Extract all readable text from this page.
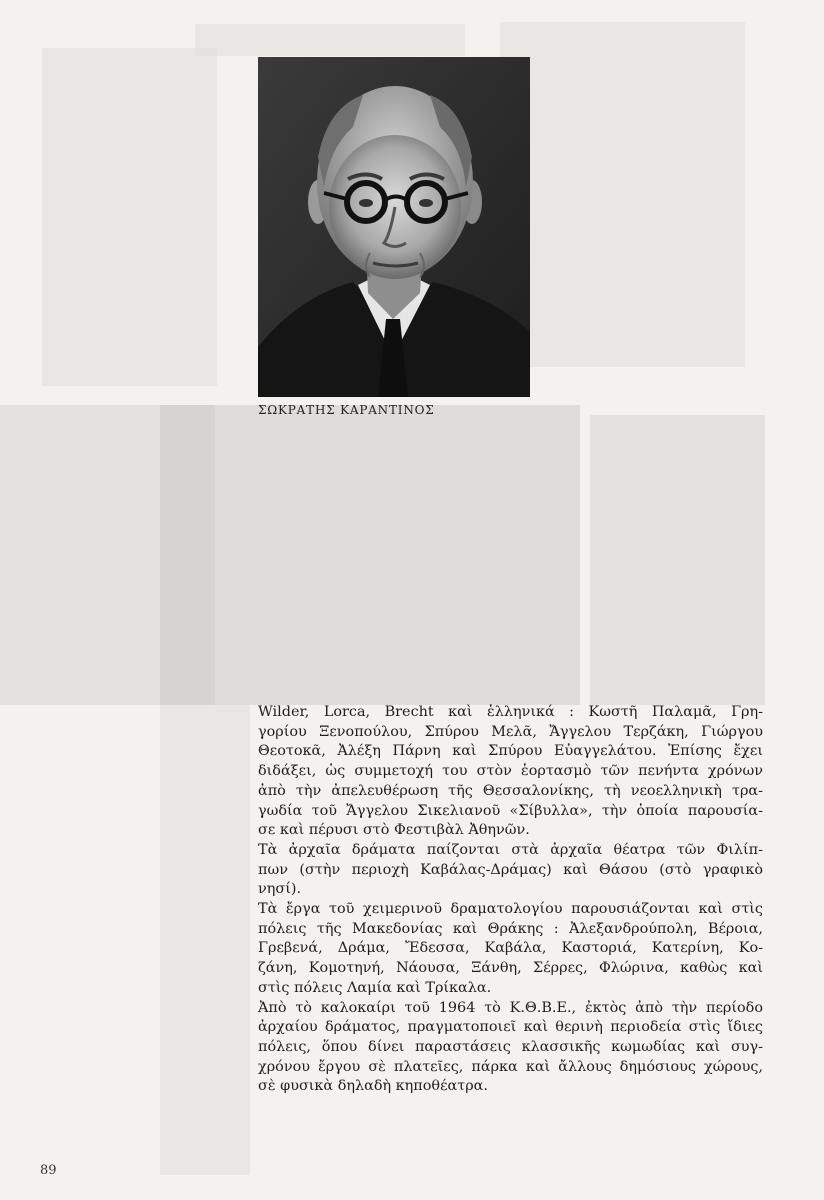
ΣΩΚΡΑΤΗΣ ΚΑΡΑΝΤΙΝΟΣ
Wilder, Lorca, Brecht καὶ ἑλληνικά : Κωστῆ Παλαμᾶ, Γρη-
γορίου Ξενοπούλου, Σπύρου Μελᾶ, Ἄγγελου Τερζάκη, Γιώργου
Θεοτοκᾶ, Ἀλέξη Πάρνη καὶ Σπύρου Εὐαγγελάτου. Ἐπίσης ἔχει
διδάξει, ὡς συμμετοχή του στὸν ἑορτασμὸ τῶν πενήντα χρόνων
ἀπὸ τὴν ἀπελευθέρωση τῆς Θεσσαλονίκης, τὴ νεοελληνικὴ τρα-
γωδία τοῦ Ἄγγελου Σικελιανοῦ «Σίβυλλα», τὴν ὁποία παρουσία-
σε καὶ πέρυσι στὸ Φεστιβὰλ Ἀθηνῶν.
Τὰ ἀρχαῖα δράματα παίζονται στὰ ἀρχαῖα θέατρα τῶν Φιλίπ-
πων (στὴν περιοχὴ Καβάλας-Δράμας) καὶ Θάσου (στὸ γραφικὸ
νησί).
Τὰ ἔργα τοῦ χειμερινοῦ δραματολογίου παρουσιάζονται καὶ στὶς
πόλεις τῆς Μακεδονίας καὶ Θράκης : Ἀλεξανδρούπολη, Βέροια,
Γρεβενά, Δράμα, Ἔδεσσα, Καβάλα, Καστοριά, Κατερίνη, Κο-
ζάνη, Κομοτηνή, Νάουσα, Ξάνθη, Σέρρες, Φλώρινα, καθὼς καὶ
στὶς πόλεις Λαμία καὶ Τρίκαλα.
Ἀπὸ τὸ καλοκαίρι τοῦ 1964 τὸ Κ.Θ.Β.Ε., ἐκτὸς ἀπὸ τὴν περίοδο
ἀρχαίου δράματος, πραγματοποιεῖ καὶ θερινὴ περιοδεία στὶς ἴδιες
πόλεις, ὅπου δίνει παραστάσεις κλασσικῆς κωμωδίας καὶ συγ-
χρόνου ἔργου σὲ πλατεῖες, πάρκα καὶ ἄλλους δημόσιους χώρους,
σὲ φυσικὰ δηλαδὴ κηποθέατρα.
89
